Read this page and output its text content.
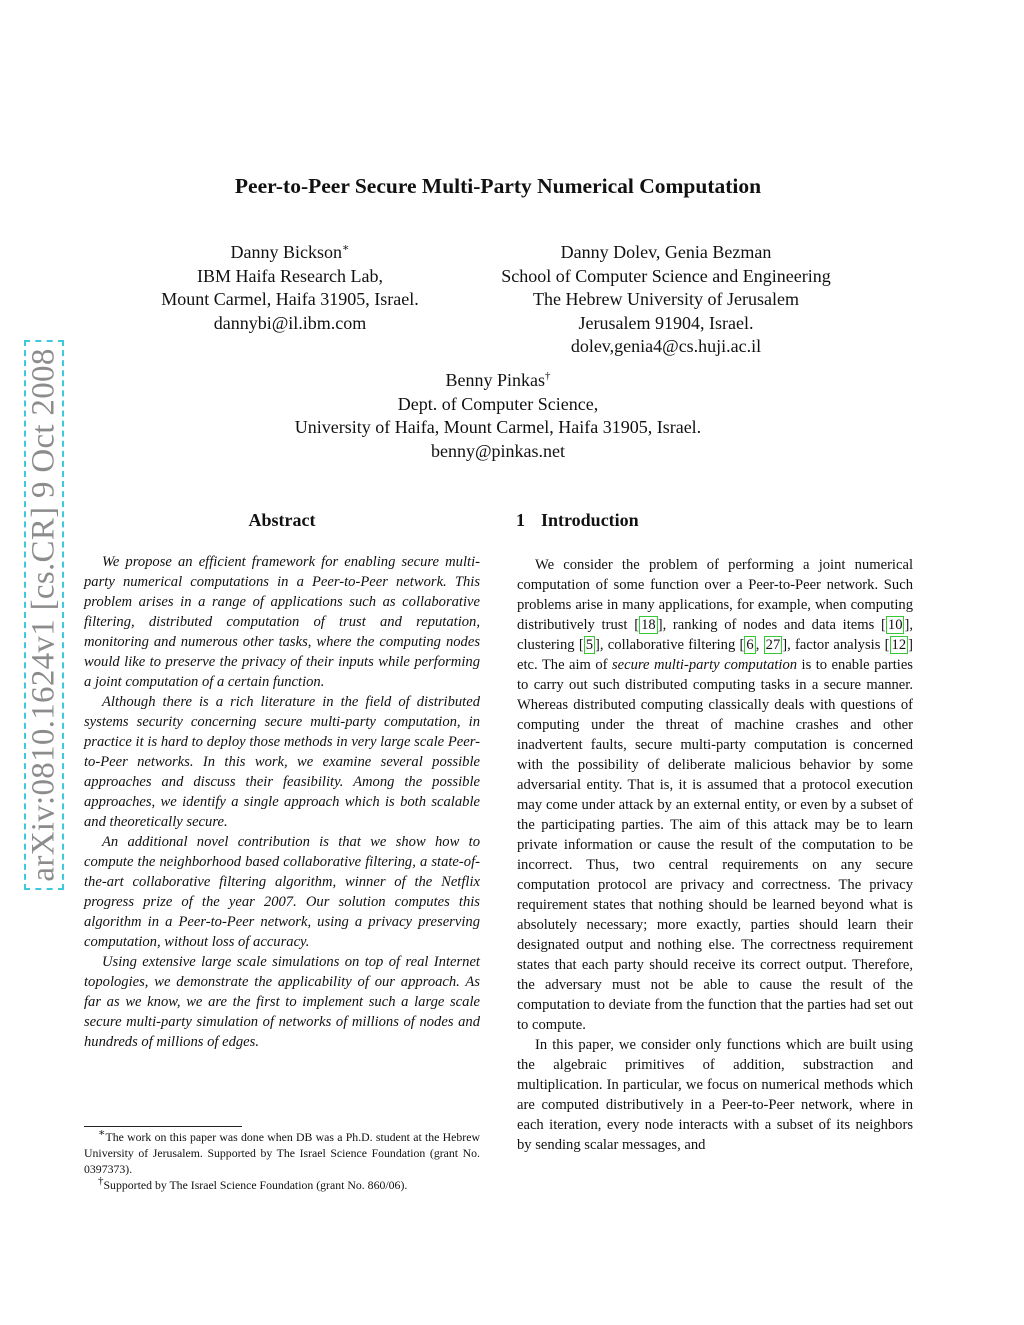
arXiv:0810.1624v1 [cs.CR] 9 Oct 2008
Peer-to-Peer Secure Multi-Party Numerical Computation
Danny Bickson∗
IBM Haifa Research Lab,
Mount Carmel, Haifa 31905, Israel.
dannybi@il.ibm.com
Danny Dolev, Genia Bezman
School of Computer Science and Engineering
The Hebrew University of Jerusalem
Jerusalem 91904, Israel.
dolev,genia4@cs.huji.ac.il
Benny Pinkas†
Dept. of Computer Science,
University of Haifa, Mount Carmel, Haifa 31905, Israel.
benny@pinkas.net
Abstract	1 Introduction

We propose an efficient framework for enabling secure multi-party numerical computations in a Peer-to-Peer network. This problem arises in a range of applications such as collaborative filtering, distributed computation of trust and reputation, monitoring and numerous other tasks, where the computing nodes would like to preserve the privacy of their inputs while performing a joint computation of a certain function.

Although there is a rich literature in the field of distributed systems security concerning secure multi-party computation, in practice it is hard to deploy those methods in very large scale Peer-to-Peer networks. In this work, we examine several possible approaches and discuss their feasibility. Among the possible approaches, we identify a single approach which is both scalable and theoretically secure.

An additional novel contribution is that we show how to compute the neighborhood based collaborative filtering, a state-of-the-art collaborative filtering algorithm, winner of the Netflix progress prize of the year 2007. Our solution computes this algorithm in a Peer-to-Peer network, using a privacy preserving computation, without loss of accuracy.

Using extensive large scale simulations on top of real Internet topologies, we demonstrate the applicability of our approach. As far as we know, we are the first to implement such a large scale secure multi-party simulation of networks of millions of nodes and hundreds of millions of edges.

We consider the problem of performing a joint numerical computation of some function over a Peer-to-Peer network. Such problems arise in many applications, for example, when computing distributively trust [ 18 ], ranking of nodes and data items [ 10 ], clustering [ 5 ], collaborative filtering [ 6 , 27 ], factor analysis [ 12 ] etc. The aim of secure multi-party computation is to enable parties to carry out such distributed computing tasks in a secure manner. Whereas distributed computing classically deals with questions of computing under the threat of machine crashes and other inadvertent faults, secure multi-party computation is concerned with the possibility of deliberate malicious behavior by some adversarial entity. That is, it is assumed that a protocol execution may come under attack by an external entity, or even by a subset of the participating parties. The aim of this attack may be to learn private information or cause the result of the computation to be incorrect. Thus, two central requirements on any secure computation protocol are privacy and correctness. The privacy requirement states that nothing should be learned beyond what is absolutely necessary; more exactly, parties should learn their designated output and nothing else. The correctness requirement states that each party should receive its correct output. Therefore, the adversary must not be able to cause the result of the computation to deviate from the function that the parties had set out to compute.

In this paper, we consider only functions which are built using the algebraic primitives of addition, substraction and multiplication. In particular, we focus on numerical methods which are computed distributively in a Peer-to-Peer network, where in each iteration, every node interacts with a subset of its neighbors by sending scalar messages, and

∗The work on this paper was done when DB was a Ph.D. student at the Hebrew University of Jerusalem. Supported by The Israel Science Foundation (grant No. 0397373).

†Supported by The Israel Science Foundation (grant No. 860/06).
